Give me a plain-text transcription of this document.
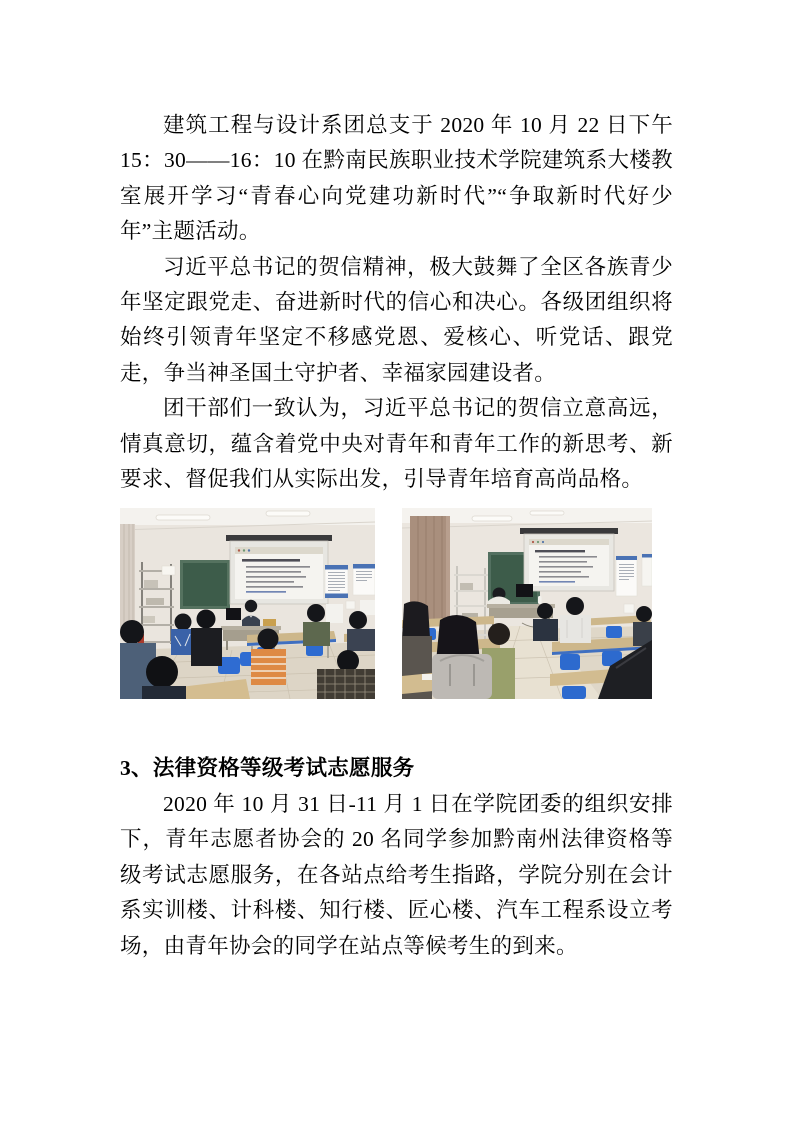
建筑工程与设计系团总支于 2020 年 10 月 22 日下午 15：30——16：10 在黔南民族职业技术学院建筑系大楼教室展开学习“青春心向党建功新时代”“争取新时代好少年”主题活动。

习近平总书记的贺信精神，极大鼓舞了全区各族青少年坚定跟党走、奋进新时代的信心和决心。各级团组织将始终引领青年坚定不移感党恩、爱核心、听党话、跟党走，争当神圣国土守护者、幸福家园建设者。

团干部们一致认为，习近平总书记的贺信立意高远，情真意切，蕴含着党中央对青年和青年工作的新思考、新要求、督促我们从实际出发，引导青年培育高尚品格。

3、法律资格等级考试志愿服务

2020 年 10 月 31 日-11 月 1 日在学院团委的组织安排下，青年志愿者协会的 20 名同学参加黔南州法律资格等级考试志愿服务，在各站点给考生指路，学院分别在会计系实训楼、计科楼、知行楼、匠心楼、汽车工程系设立考场，由青年协会的同学在站点等候考生的到来。
